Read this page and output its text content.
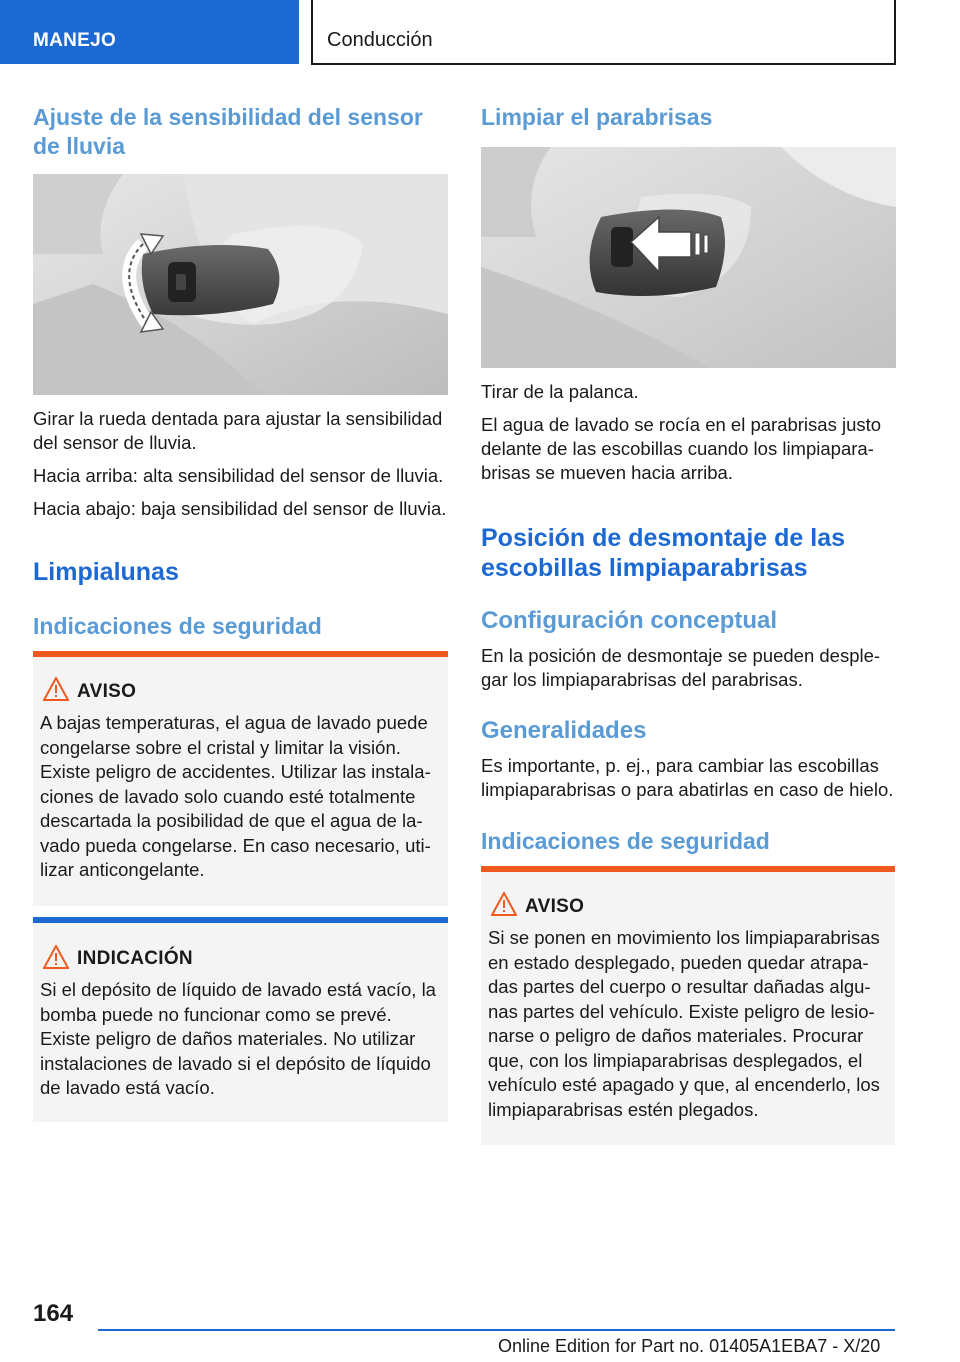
MANEJO	Conducción
Ajuste de la sensibilidad del sensor
de lluvia

Girar la rueda dentada para ajustar la sensibilidad
del sensor de lluvia.

Hacia arriba: alta sensibilidad del sensor de lluvia.

Hacia abajo: baja sensibilidad del sensor de lluvia.

Limpialunas
Indicaciones de seguridad
AVISO
A bajas temperaturas, el agua de lavado puede
congelarse sobre el cristal y limitar la visión.
Existe peligro de accidentes. Utilizar las instala-
ciones de lavado solo cuando esté totalmente
descartada la posibilidad de que el agua de la-
vado pueda congelarse. En caso necesario, uti-
lizar anticongelante.
INDICACIÓN
Si el depósito de líquido de lavado está vacío, la
bomba puede no funcionar como se prevé.
Existe peligro de daños materiales. No utilizar
instalaciones de lavado si el depósito de líquido
de lavado está vacío.
Limpiar el parabrisas

Tirar de la palanca.

El agua de lavado se rocía en el parabrisas justo
delante de las escobillas cuando los limpiapara-
brisas se mueven hacia arriba.

Posición de desmontaje de las
escobillas limpiaparabrisas
Configuración conceptual

En la posición de desmontaje se pueden desple-
gar los limpiaparabrisas del parabrisas.

Generalidades

Es importante, p. ej., para cambiar las escobillas
limpiaparabrisas o para abatirlas en caso de hielo.

Indicaciones de seguridad
AVISO
Si se ponen en movimiento los limpiaparabrisas
en estado desplegado, pueden quedar atrapa-
das partes del cuerpo o resultar dañadas algu-
nas partes del vehículo. Existe peligro de lesio-
narse o peligro de daños materiales. Procurar
que, con los limpiaparabrisas desplegados, el
vehículo esté apagado y que, al encenderlo, los
limpiaparabrisas estén plegados.
164
Online Edition for Part no. 01405A1EBA7 - X/20
